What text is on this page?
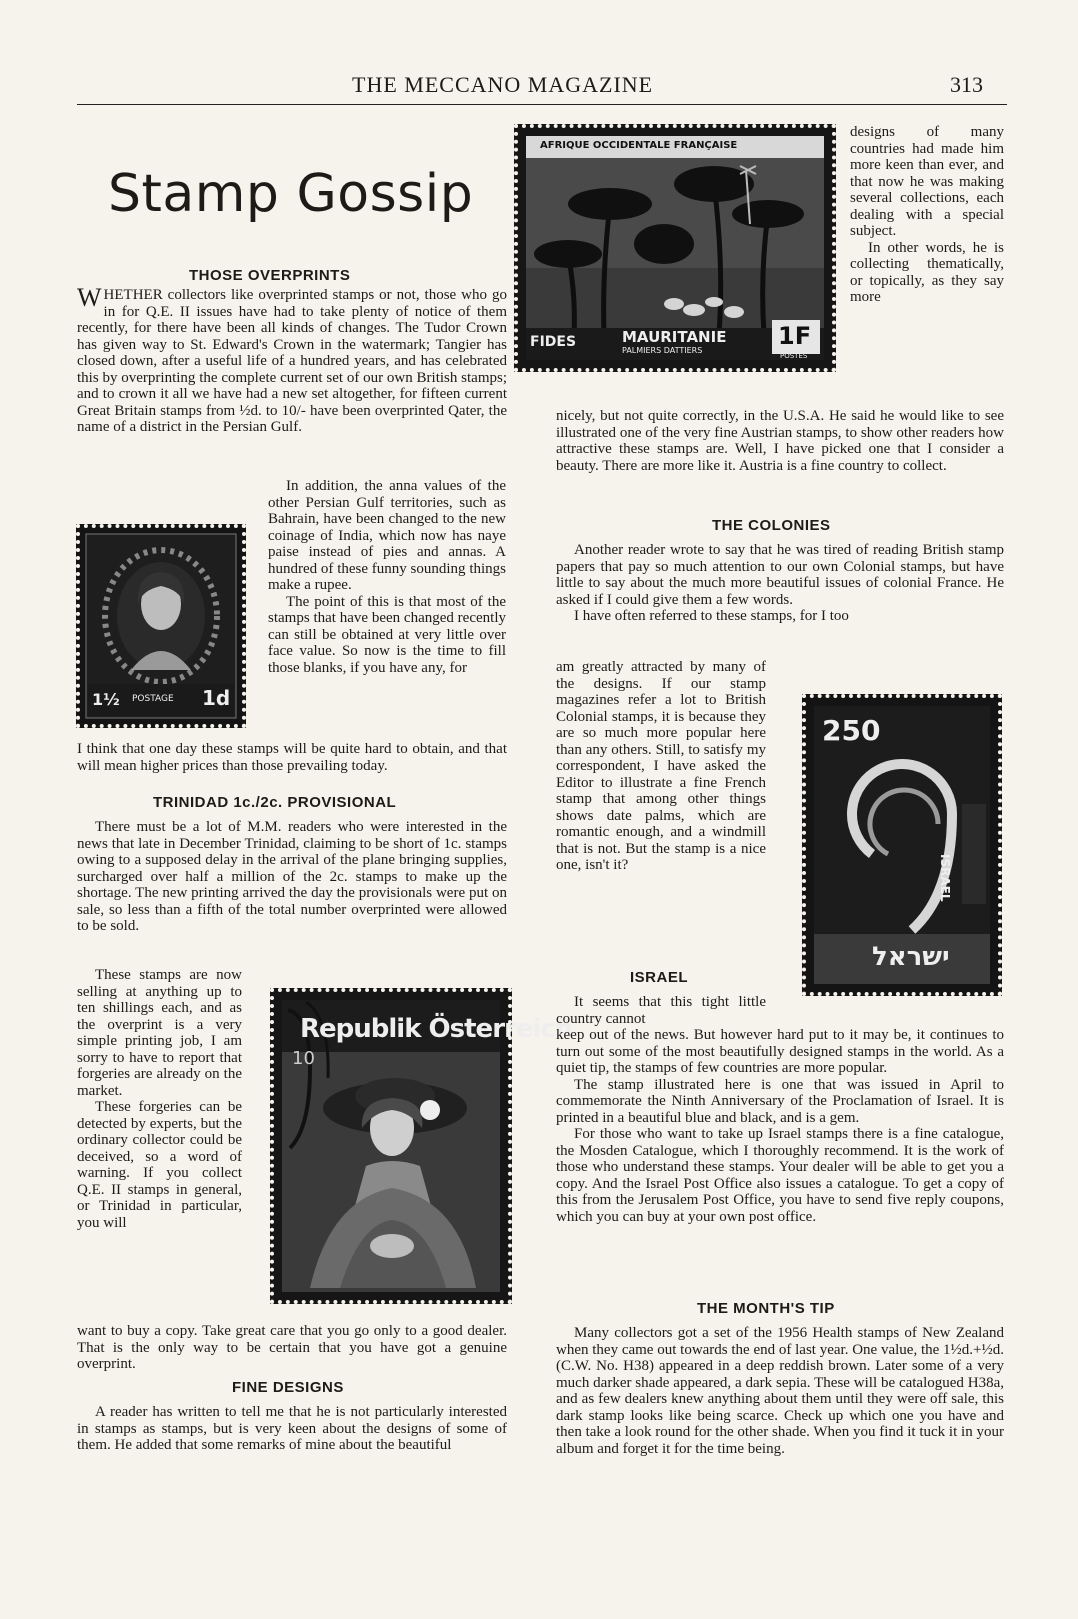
THE MECCANO MAGAZINE	313
Stamp Gossip
THOSE OVERPRINTS

WHETHER collectors like overprinted stamps or not, those who go in for Q.E. II issues have had to take plenty of notice of them recently, for there have been all kinds of changes. The Tudor Crown has given way to St. Edward's Crown in the watermark; Tangier has closed down, after a useful life of a hundred years, and has celebrated this by overprinting the complete current set of our own British stamps; and to crown it all we have had a new set altogether, for fifteen current Great Britain stamps from ½d. to 10/- have been overprinted Qater, the name of a district in the Persian Gulf.

1½ POSTAGE 1d

In addition, the anna values of the other Persian Gulf territories, such as Bahrain, have been changed to the new coinage of India, which now has naye paise instead of pies and annas. A hundred of these funny sounding things make a rupee.

The point of this is that most of the stamps that have been changed recently can still be obtained at very little over face value. So now is the time to fill those blanks, if you have any, for

I think that one day these stamps will be quite hard to obtain, and that will mean higher prices than those prevailing today.

TRINIDAD 1c./2c. PROVISIONAL

There must be a lot of M.M. readers who were interested in the news that late in December Trinidad, claiming to be short of 1c. stamps owing to a supposed delay in the arrival of the plane bringing supplies, surcharged over half a million of the 2c. stamps to make up the shortage. The new printing arrived the day the provisionals were put on sale, so less than a fifth of the total number overprinted were allowed to be sold.

These stamps are now selling at anything up to ten shillings each, and as the overprint is a very simple printing job, I am sorry to have to report that forgeries are already on the market.

These forgeries can be detected by experts, but the ordinary collector could be deceived, so a word of warning. If you collect Q.E. II stamps in general, or Trinidad in particular, you will

Republik Österreich
10

want to buy a copy. Take great care that you go only to a good dealer. That is the only way to be certain that you have got a genuine overprint.

FINE DESIGNS

A reader has written to tell me that he is not particularly interested in stamps as stamps, but is very keen about the designs of some of them. He added that some remarks of mine about the beautiful

AFRIQUE OCCIDENTALE FRANÇAISE
FIDES	MAURITANIE
PALMIERS DATTIERS
1F
POSTES

designs of many countries had made him more keen than ever, and that now he was making several collections, each dealing with a special subject.

In other words, he is collecting thematically, or topically, as they say more

nicely, but not quite correctly, in the U.S.A. He said he would like to see illustrated one of the very fine Austrian stamps, to show other readers how attractive these stamps are. Well, I have picked one that I consider a beauty. There are more like it. Austria is a fine country to collect.

THE COLONIES

Another reader wrote to say that he was tired of reading British stamp papers that pay so much attention to our own Colonial stamps, but have little to say about the much more beautiful issues of colonial France. He asked if I could give them a few words.

I have often referred to these stamps, for I too

am greatly attracted by many of the designs. If our stamp magazines refer a lot to British Colonial stamps, it is because they are so much more popular here than any others. Still, to satisfy my correspondent, I have asked the Editor to illustrate a fine French stamp that among other things shows date palms, which are romantic enough, and a windmill that is not. But the stamp is a nice one, isn't it?

250
ISRAEL
ישראל
ISRAEL

It seems that this tight little country cannot

keep out of the news. But however hard put to it may be, it continues to turn out some of the most beautifully designed stamps in the world. As a quiet tip, the stamps of few countries are more popular.

The stamp illustrated here is one that was issued in April to commemorate the Ninth Anniversary of the Proclamation of Israel. It is printed in a beautiful blue and black, and is a gem.

For those who want to take up Israel stamps there is a fine catalogue, the Mosden Catalogue, which I thoroughly recommend. It is the work of those who understand these stamps. Your dealer will be able to get you a copy. And the Israel Post Office also issues a catalogue. To get a copy of this from the Jerusalem Post Office, you have to send five reply coupons, which you can buy at your own post office.

THE MONTH'S TIP

Many collectors got a set of the 1956 Health stamps of New Zealand when they came out towards the end of last year. One value, the 1½d.+½d. (C.W. No. H38) appeared in a deep reddish brown. Later some of a very much darker shade appeared, a dark sepia. These will be catalogued H38a, and as few dealers knew anything about them until they were off sale, this dark stamp looks like being scarce. Check up which one you have and then take a look round for the other shade. When you find it tuck it in your album and forget it for the time being.
